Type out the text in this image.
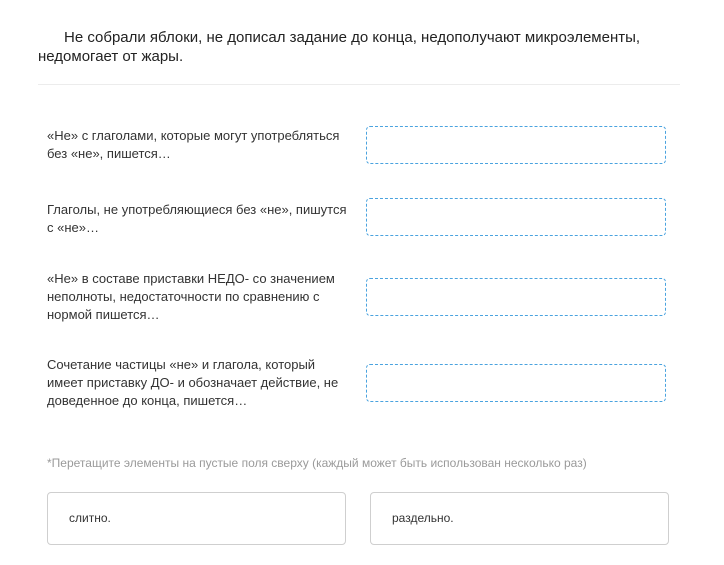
Не собрали яблоки, не дописал задание до конца, недополучают микроэлементы, недомогает от жары.
«Не» с глаголами, которые могут употребляться без «не», пишется…
Глаголы, не употребляющиеся без «не», пишутся с «не»…
«Не» в составе приставки НЕДО- со значением неполноты, недостаточности по сравнению с нормой пишется…
Сочетание частицы «не» и глагола, который имеет приставку ДО- и обозначает действие, не доведенное до конца, пишется…
*Перетащите элементы на пустые поля сверху (каждый может быть использован несколько раз)
слитно.	раздельно.
